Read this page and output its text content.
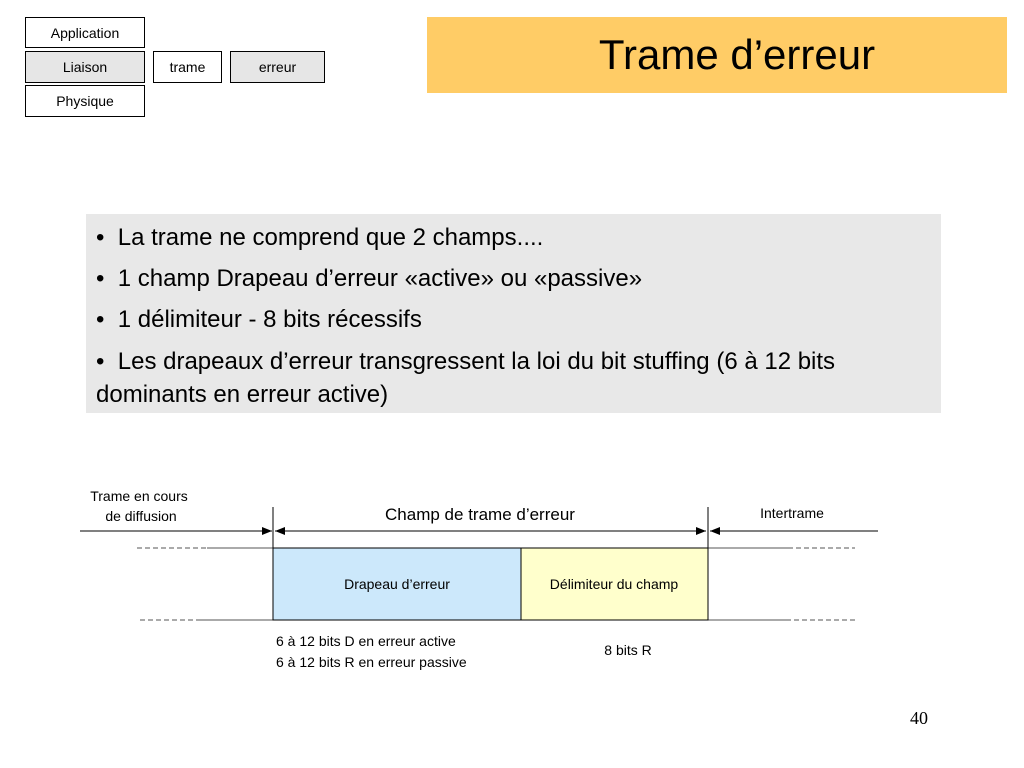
Application
Liaison
Physique
trame	erreur	Trame d’erreur

• La trame ne comprend que 2 champs....

• 1 champ Drapeau d’erreur «active» ou «passive»

• 1 délimiteur - 8 bits récessifs

• Les drapeaux d’erreur transgressent la loi du bit stuffing (6 à 12 bits dominants en erreur active)

Drapeau d’erreur	Délimiteur du champ
Trame en cours
de diffusion	Champ de trame d’erreur	Intertrame
6 à 12 bits D en erreur active
6 à 12 bits R en erreur passive
8 bits R
40
